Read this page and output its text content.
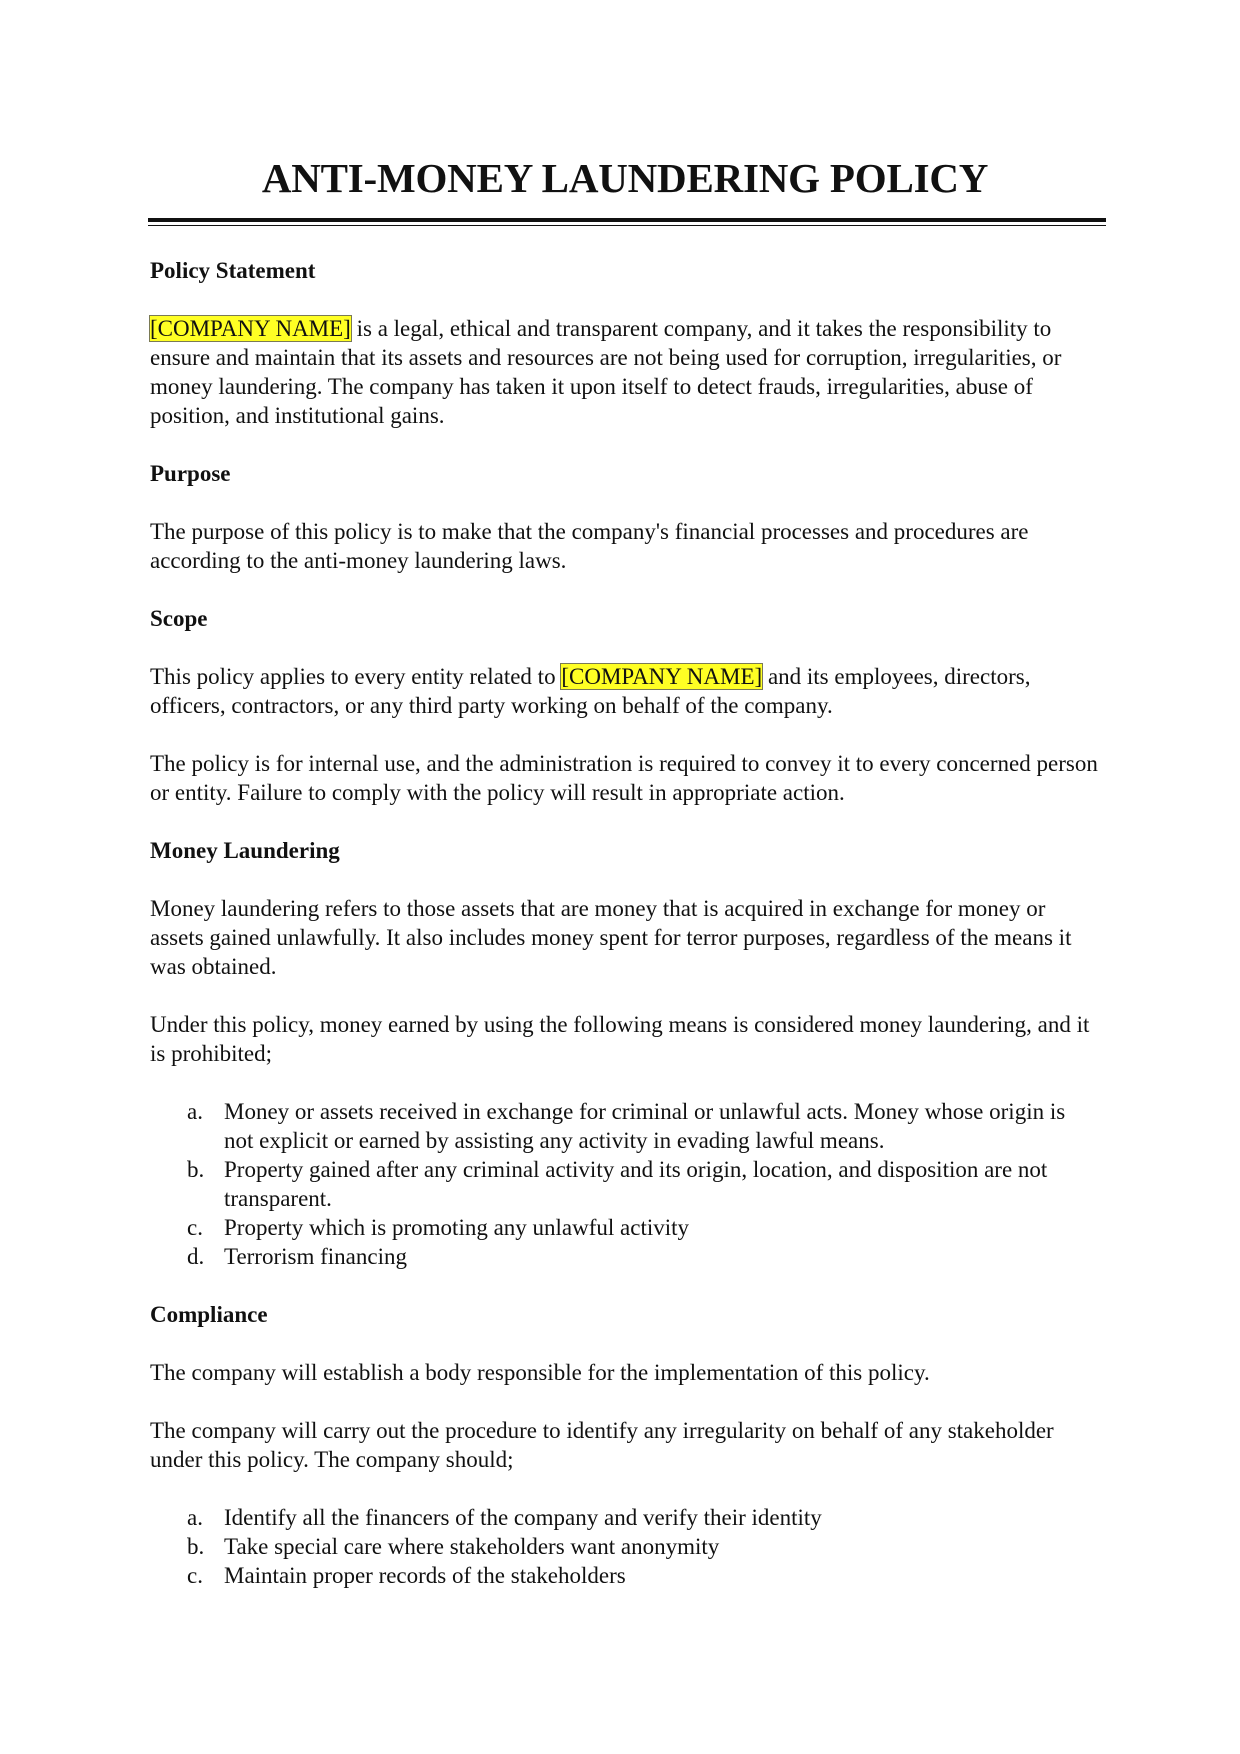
ANTI-MONEY LAUNDERING POLICY

Policy Statement

[COMPANY NAME] is a legal, ethical and transparent company, and it takes the responsibility to ensure and maintain that its assets and resources are not being used for corruption, irregularities, or money laundering. The company has taken it upon itself to detect frauds, irregularities, abuse of position, and institutional gains.

Purpose

The purpose of this policy is to make that the company's financial processes and procedures are according to the anti-money laundering laws.

Scope

This policy applies to every entity related to [COMPANY NAME] and its employees, directors, officers, contractors, or any third party working on behalf of the company.

The policy is for internal use, and the administration is required to convey it to every concerned person or entity. Failure to comply with the policy will result in appropriate action.

Money Laundering

Money laundering refers to those assets that are money that is acquired in exchange for money or assets gained unlawfully. It also includes money spent for terror purposes, regardless of the means it was obtained.

Under this policy, money earned by using the following means is considered money laundering, and it is prohibited;

a. Money or assets received in exchange for criminal or unlawful acts. Money whose origin is not explicit or earned by assisting any activity in evading lawful means.
b. Property gained after any criminal activity and its origin, location, and disposition are not transparent.
c. Property which is promoting any unlawful activity
d. Terrorism financing

Compliance

The company will establish a body responsible for the implementation of this policy.

The company will carry out the procedure to identify any irregularity on behalf of any stakeholder under this policy. The company should;

a. Identify all the financers of the company and verify their identity
b. Take special care where stakeholders want anonymity
c. Maintain proper records of the stakeholders
